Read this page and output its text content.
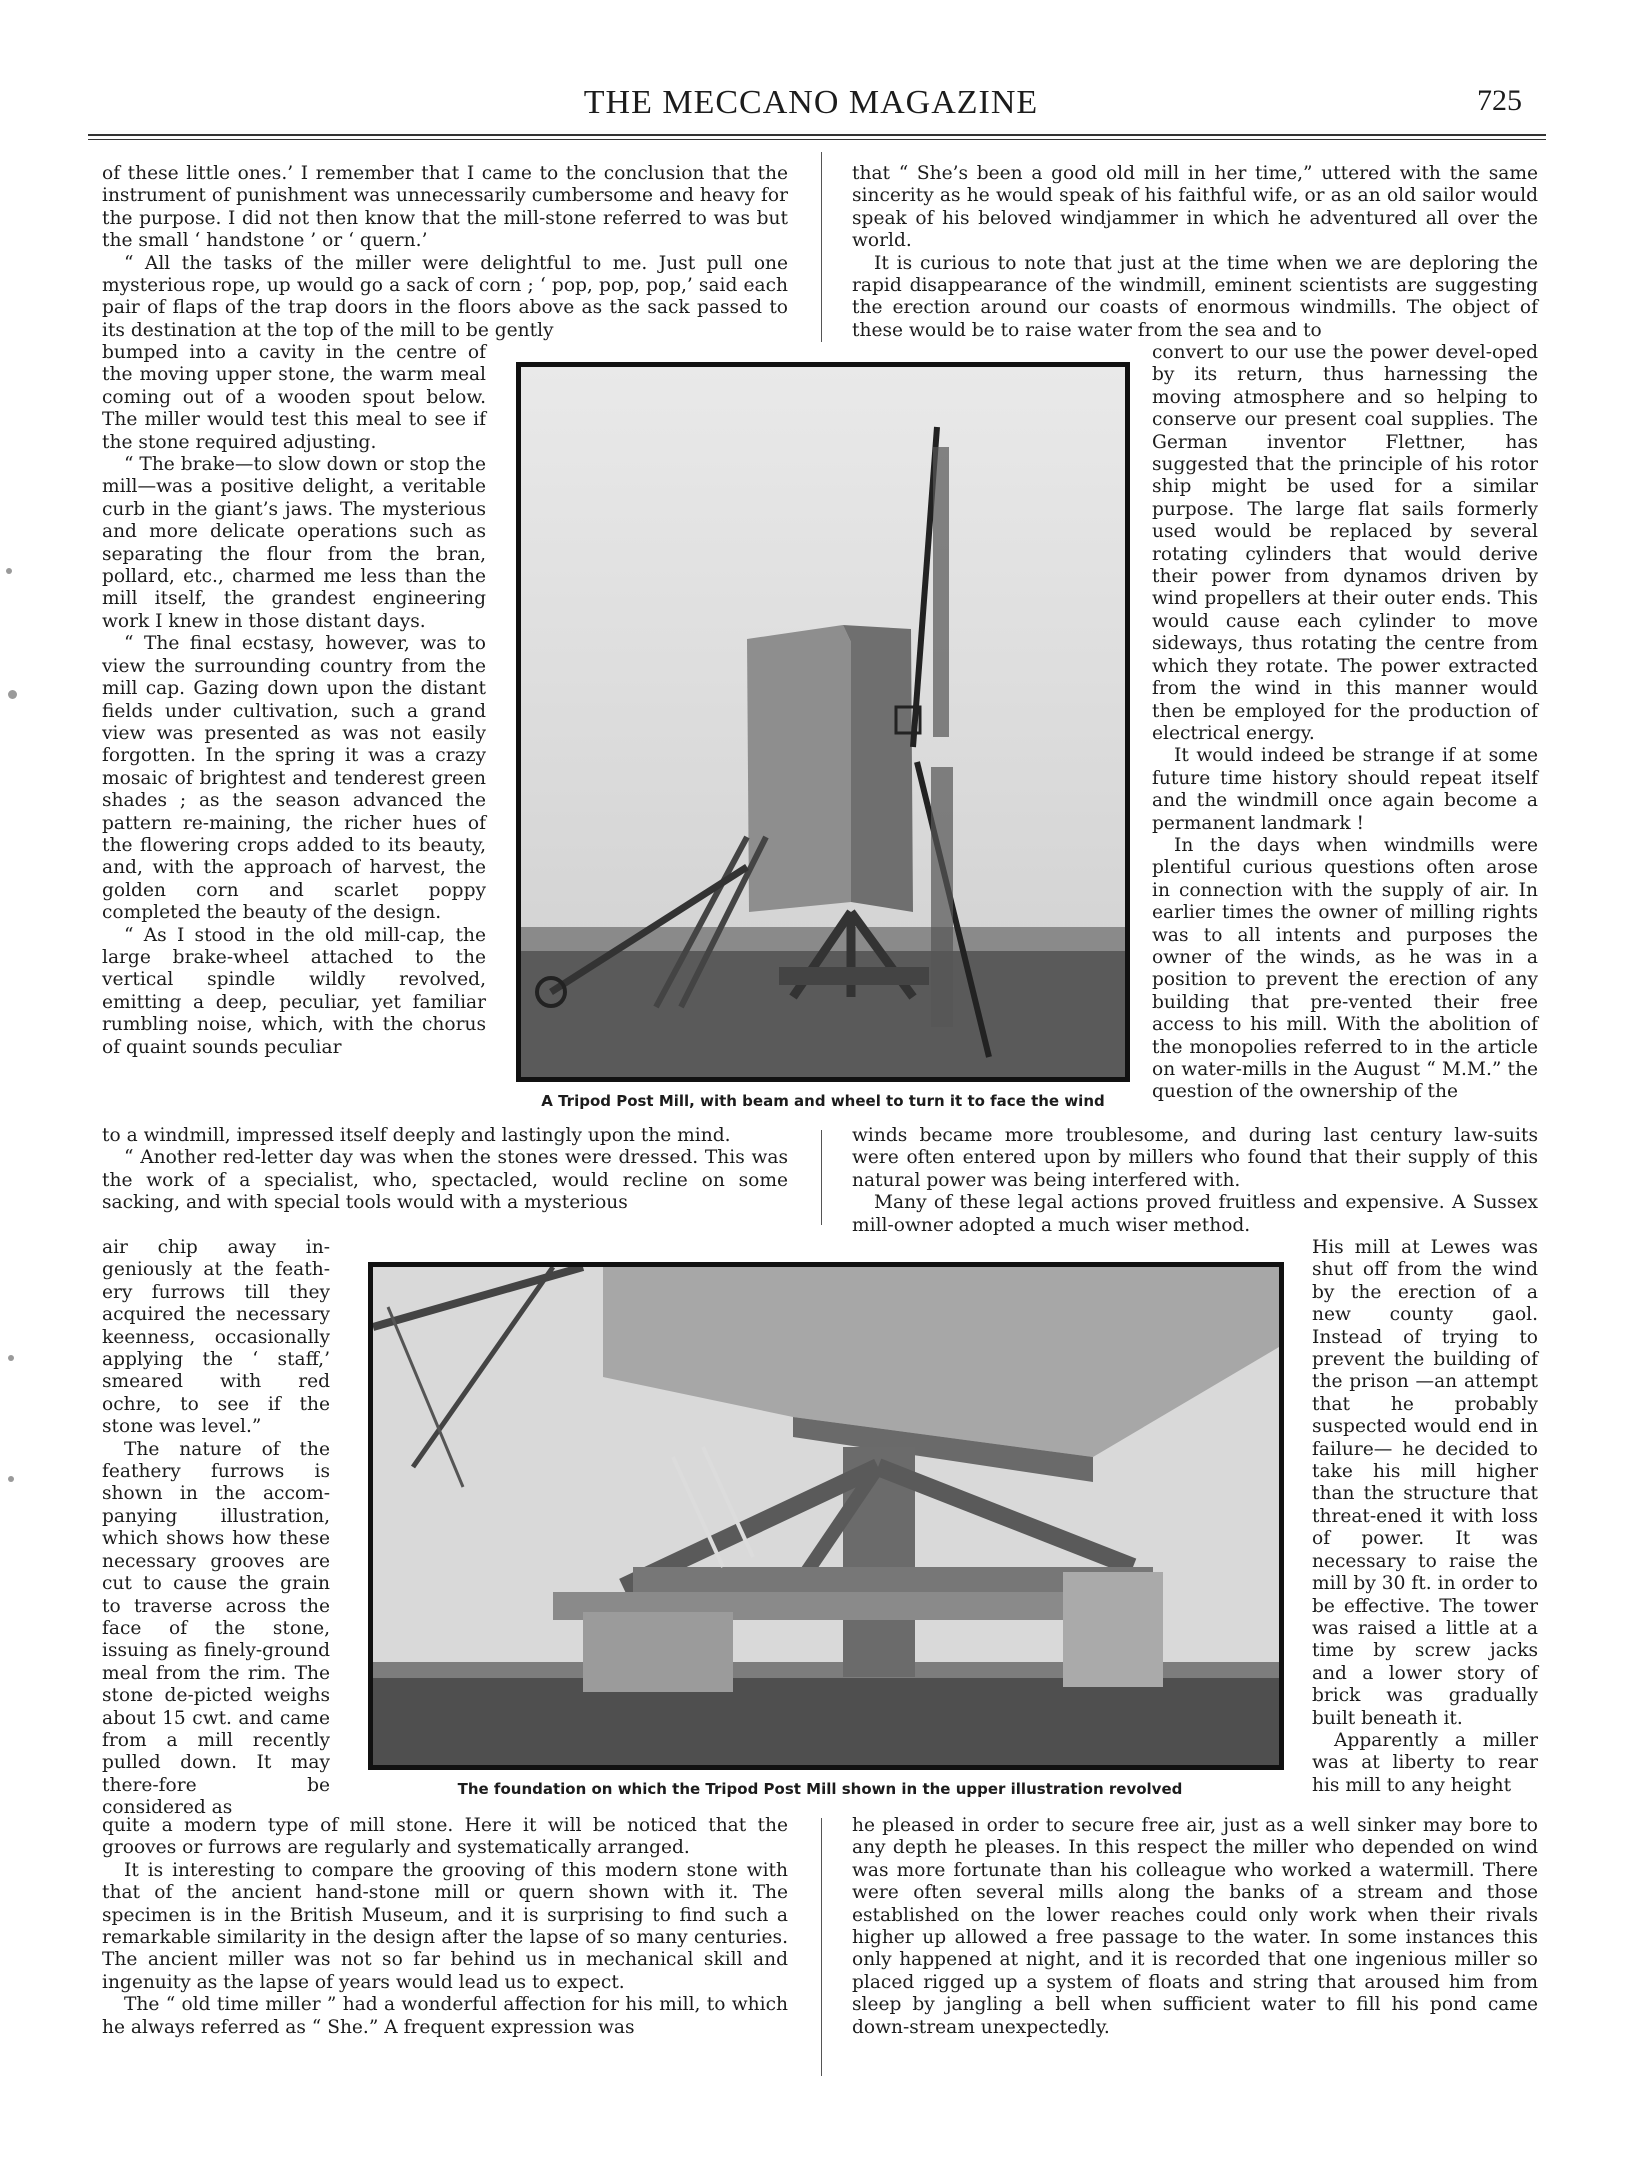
THE MECCANO MAGAZINE	725

of these little ones.’ I remember that I came to the conclusion that the instrument of punishment was unnecessarily cumbersome and heavy for the purpose. I did not then know that the mill-stone referred to was but the small ‘ handstone ’ or ‘ quern.’

“ All the tasks of the miller were delightful to me. Just pull one mysterious rope, up would go a sack of corn ; ‘ pop, pop, pop,’ said each pair of flaps of the trap doors in the floors above as the sack passed to its destination at the top of the mill to be gently

bumped into a cavity in the centre of the moving upper stone, the warm meal coming out of a wooden spout below. The miller would test this meal to see if the stone required adjusting.

“ The brake—to slow down or stop the mill—was a positive delight, a veritable curb in the giant’s jaws. The mysterious and more delicate operations such as separating the flour from the bran, pollard, etc., charmed me less than the mill itself, the grandest engineering work I knew in those distant days.

“ The final ecstasy, however, was to view the surrounding country from the mill cap. Gazing down upon the distant fields under cultivation, such a grand view was presented as was not easily forgotten. In the spring it was a crazy mosaic of brightest and tenderest green shades ; as the season advanced the pattern re-maining, the richer hues of the flowering crops added to its beauty, and, with the approach of harvest, the golden corn and scarlet poppy completed the beauty of the design.

“ As I stood in the old mill-cap, the large brake-wheel attached to the vertical spindle wildly revolved, emitting a deep, peculiar, yet familiar rumbling noise, which, with the chorus of quaint sounds peculiar

to a windmill, impressed itself deeply and lastingly upon the mind.

“ Another red-letter day was when the stones were dressed. This was the work of a specialist, who, spectacled, would recline on some sacking, and with special tools would with a mysterious

air chip away in-geniously at the feath-ery furrows till they acquired the necessary keenness, occasionally applying the ‘ staff,’ smeared with red ochre, to see if the stone was level.”

The nature of the feathery furrows is shown in the accom-panying illustration, which shows how these necessary grooves are cut to cause the grain to traverse across the face of the stone, issuing as finely-ground meal from the rim. The stone de-picted weighs about 15 cwt. and came from a mill recently pulled down. It may there-fore be considered as

quite a modern type of mill stone. Here it will be noticed that the grooves or furrows are regularly and systematically arranged.

It is interesting to compare the grooving of this modern stone with that of the ancient hand-stone mill or quern shown with it. The specimen is in the British Museum, and it is surprising to find such a remarkable similarity in the design after the lapse of so many centuries. The ancient miller was not so far behind us in mechanical skill and ingenuity as the lapse of years would lead us to expect.

The “ old time miller ” had a wonderful affection for his mill, to which he always referred as “ She.” A frequent expression was

that “ She’s been a good old mill in her time,” uttered with the same sincerity as he would speak of his faithful wife, or as an old sailor would speak of his beloved windjammer in which he adventured all over the world.

It is curious to note that just at the time when we are deploring the rapid disappearance of the windmill, eminent scientists are suggesting the erection around our coasts of enormous windmills. The object of these would be to raise water from the sea and to

convert to our use the power devel-oped by its return, thus harnessing the moving atmosphere and so helping to conserve our present coal supplies. The German inventor Flettner, has suggested that the principle of his rotor ship might be used for a similar purpose. The large flat sails formerly used would be replaced by several rotating cylinders that would derive their power from dynamos driven by wind propellers at their outer ends. This would cause each cylinder to move sideways, thus rotating the centre from which they rotate. The power extracted from the wind in this manner would then be employed for the production of electrical energy.

It would indeed be strange if at some future time history should repeat itself and the windmill once again become a permanent landmark !

In the days when windmills were plentiful curious questions often arose in connection with the supply of air. In earlier times the owner of milling rights was to all intents and purposes the owner of the winds, as he was in a position to prevent the erection of any building that pre-vented their free access to his mill. With the abolition of the monopolies referred to in the article on water-mills in the August “ M.M.” the question of the ownership of the

winds became more troublesome, and during last century law-suits were often entered upon by millers who found that their supply of this natural power was being interfered with.

Many of these legal actions proved fruitless and expensive. A Sussex mill-owner adopted a much wiser method.

His mill at Lewes was shut off from the wind by the erection of a new county gaol. Instead of trying to prevent the building of the prison —an attempt that he probably suspected would end in failure— he decided to take his mill higher than the structure that threat-ened it with loss of power. It was necessary to raise the mill by 30 ft. in order to be effective. The tower was raised a little at a time by screw jacks and a lower story of brick was gradually built beneath it.

Apparently a miller was at liberty to rear his mill to any height

he pleased in order to secure free air, just as a well sinker may bore to any depth he pleases. In this respect the miller who depended on wind was more fortunate than his colleague who worked a watermill. There were often several mills along the banks of a stream and those established on the lower reaches could only work when their rivals higher up allowed a free passage to the water. In some instances this only happened at night, and it is recorded that one ingenious miller so placed rigged up a system of floats and string that aroused him from sleep by jangling a bell when sufficient water to fill his pond came down-stream unexpectedly.

A Tripod Post Mill, with beam and wheel to turn it to face the wind
The foundation on which the Tripod Post Mill shown in the upper illustration revolved
